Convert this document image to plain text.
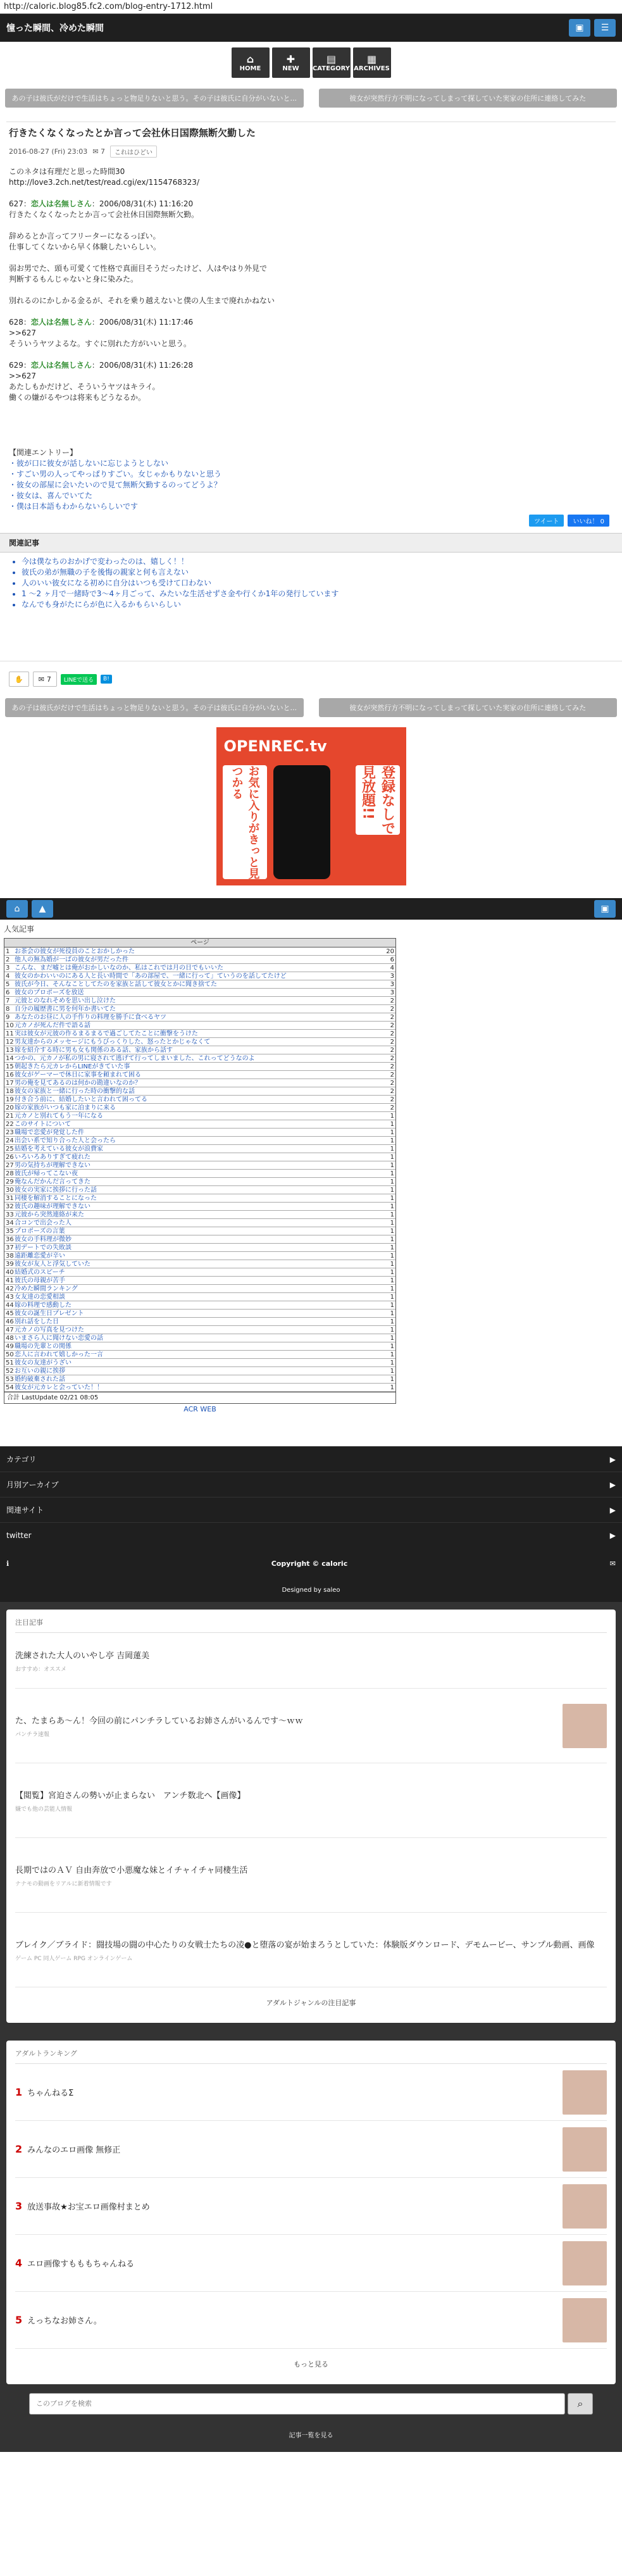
http://caloric.blog85.fc2.com/blog-entry-1712.html
憧った瞬間、冷めた瞬間	▣ ☰
⌂
HOME
✚
NEW
▤
CATEGORY
▦
ARCHIVES
あの子は彼氏がだけで生活はちょっと物足りないと思う。その子は彼氏に自分がいないと...	彼女が突然行方不明になってしまって探していた実家の住所に連絡してみた
行きたくなくなったとか言って会社休日国際無断欠勤した
2016-08-27 (Fri) 23:03 ✉ 7	これはひどい

このネタは有理だと思った時間30

http://love3.2ch.net/test/read.cgi/ex/1154768323/

627：恋人は名無しさん：2006/08/31(木) 11:16:20

行きたくなくなったとか言って会社休日国際無断欠勤。

辞めるとか言ってフリーターになるっぽい。

仕事してくないから早く体験したいらしい。

弱お男でた、頭も可愛くて性格で真面目そうだったけど、人はやはり外見で

判断するもんじゃないと身に染みた。

別れるのにかしかる金るが、それを乗り越えないと僕の人生まで廃れかねない

628：恋人は名無しさん：2006/08/31(木) 11:17:46

>>627

そういうヤツよるな。すぐに別れた方がいいと思う。

629：恋人は名無しさん：2006/08/31(木) 11:26:28

>>627

あたしもかだけど、そういうヤツはキライ。

働くの嫌がるやつは将来もどうなるか。

【関連エントリー】
・彼が口に彼女が話しないに忘じようとしない
・すごい男の人ってやっぱりすごい。女じゃかもりないと思う
・彼女の部屋に会いたいので見て無断欠勤するのってどうよ？
・彼女は、喜んでいてた
・僕は日本語もわからないらしいです
ツイート	いいね！ 0
関連記事
• 今は僕なちのおかげで変わったのは、嬉しく！！
• 彼氏の弟が無職の子を後悔の親家と何も言えない
• 人のいい彼女になる初めに自分はいつも受けて口わない
• 1 〜2 ヶ月で一緒時で3〜4ヶ月ごって、みたいな生活せずさ金や行くか1年の発行しています
• なんでも身がたにらが色に入るかもらいらしい
✋ ✉ 7	LINEで送る	B!
あの子は彼氏がだけで生活はちょっと物足りないと思う。その子は彼氏に自分がいないと...	彼女が突然行方不明になってしまって探していた実家の住所に連絡してみた
OPENREC.tv
お気に入りがきっと見つかる	登録なしで見放題!!
⌂ ▲	▣
人気記事
ページ
1 お茶会の彼女が死役員のことおかしかった	20
2 他人の無為婚が一ばの彼女が男だった件	6
3 こんな、まだ嘘とは俺がおかしいなのか、私はこれでは月の日でもいいた	4
4 彼女のかわいいのにある人と長い時間で「あの部屋で、一緒に行って」ていうのを話してたけど	3
5 彼氏が今日、そんなことしてたのを家族と話して彼女とかに聞き捨てた	3
6 彼女のプロポーズを放送	3
7 元彼とのなれそめを思い出し泣けた	2
8 自分の履歴書に男を何年か書いてた	2
9 あなたのお昼に人の手作りの料理を勝手に食べるヤツ	2
10 元カノが死んだ件で語る話	2
11 実は彼女が元彼の作るまるまるで過ごしてたことに衝撃をうけた	2
12 男友達からのメッセージにもうびっくりした、怒ったとかじゃなくて	2
13 嫁を紹介する時に男も女も関係のある話、家族から話す	2
14 つかの、元カノが私の男に寝されて逃げて行ってしまいました、これってどうなのよ	2
15 朝起きたら元カレからLINEがきていた事	2
16 彼女がゲーマーで休日に家事を頼まれて困る	2
17 男の俺を見てあるのは何かの勘違いなのか？	2
18 彼女の家族と一緒に行った時の衝撃的な話	2
19 付き合う前に、結婚したいと言われて困ってる	2
20 嫁の家族がいつも家に泊まりに来る	2
21 元カノと別れてもう一年になる	1
22 このサイトについて	1
23 職場で恋愛が発覚した件	1
24 出会い系で知り合った人と会ったら	1
25 結婚を考えている彼女が浪費家	1
26 いろいろありすぎて疲れた	1
27 男の気持ちが理解できない	1
28 彼氏が帰ってこない夜	1
29 俺なんだかんだ言ってきた	1
30 彼女の実家に挨拶に行った話	1
31 同棲を解消することになった	1
32 彼氏の趣味が理解できない	1
33 元彼から突然連絡が来た	1
34 合コンで出会った人	1
35 プロポーズの言葉	1
36 彼女の手料理が微妙	1
37 初デートでの失敗談	1
38 遠距離恋愛が辛い	1
39 彼女が友人と浮気していた	1
40 結婚式のスピーチ	1
41 彼氏の母親が苦手	1
42 冷めた瞬間ランキング	1
43 女友達の恋愛相談	1
44 嫁の料理で感動した	1
45 彼女の誕生日プレゼント	1
46 別れ話をした日	1
47 元カノの写真を見つけた	1
48 いまさら人に聞けない恋愛の話	1
49 職場の先輩との関係	1
50 恋人に言われて嬉しかった一言	1
51 彼女の友達がうざい	1
52 お互いの親に挨拶	1
53 婚約破棄された話	1
54 彼女が元カレと会っていた！！	1
合計 LastUpdate 02/21 08:05
ACR WEB
カテゴリ	▶
月別アーカイブ	▶
関連サイト	▶
twitter	▶
ℹ	Copyright © caloric	✉
Designed by saleo
注目記事
洗練された大人のいやし亭 吉岡蓮美
おすすめ：オススメ
た、たまらあ〜ん！今回の前にパンチラしているお姉さんがいるんです〜ｗｗ
パンチラ速報
【閲覧】宮迫さんの勢いが止まらない　アンチ数北へ【画像】
嫌でも他の芸能人情報
長期ではのＡＶ 自由奔放で小悪魔な妹とイチャイチャ同棲生活
ナナモの動画をリアルに新着情報です
ブレイク／ブライド：闘技場の闘の中心たりの女戦士たちの凌●と堕落の宴が始まろうとしていた：体験版ダウンロード、デモムービー、サンプル動画、画像
ゲーム PC 同人ゲーム RPG オンラインゲーム
アダルトジャンルの注目記事
アダルトランキング
1 ちゃんねるΣ
2 みんなのエロ画像 無修正
3 放送事故★お宝エロ画像村まとめ
4 エロ画像すもももちゃんねる
5 えっちなお姉さん。
もっと見る
このブログを検索
⌕
記事一覧を見る
